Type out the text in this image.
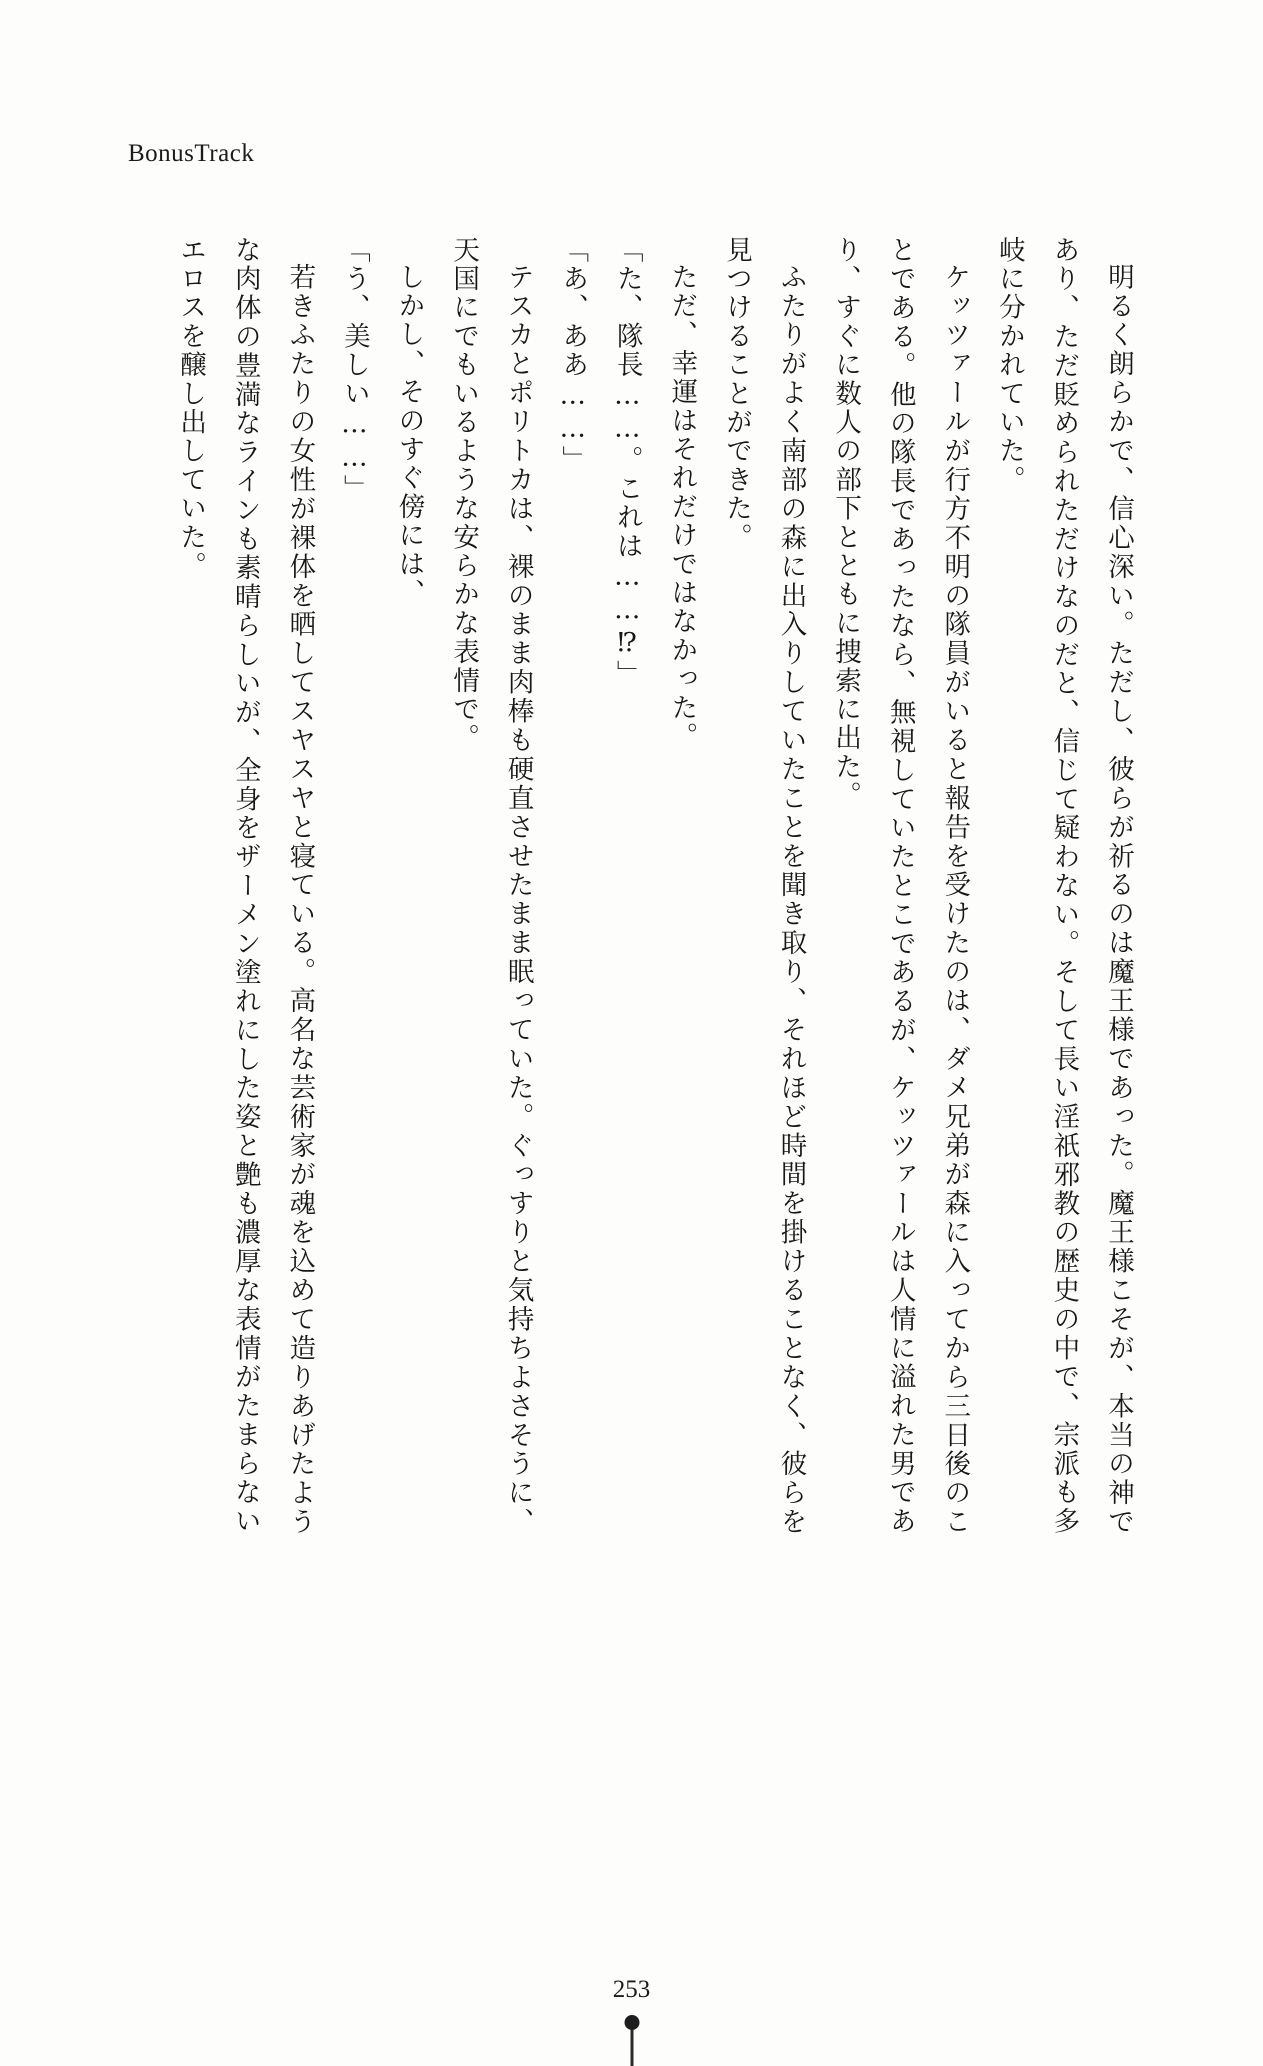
BonusTrack

明るく朗らかで、信心深い。ただし、彼らが祈るのは魔王様であった。魔王様こそが、本当の神であり、ただ貶められただけなのだと、信じて疑わない。そして長い淫祇邪教の歴史の中で、宗派も多岐に分かれていた。

ケッツァールが行方不明の隊員がいると報告を受けたのは、ダメ兄弟が森に入ってから三日後のことである。他の隊長であったなら、無視していたとこであるが、ケッツァールは人情に溢れた男であり、すぐに数人の部下とともに捜索に出た。

ふたりがよく南部の森に出入りしていたことを聞き取り、それほど時間を掛けることなく、彼らを見つけることができた。

ただ、幸運はそれだけではなかった。

「た、隊長……。これは……⁉」

「あ、ああ……」

テスカとポリトカは、裸のまま肉棒も硬直させたまま眠っていた。ぐっすりと気持ちよさそうに、天国にでもいるような安らかな表情で。

しかし、そのすぐ傍には、

「う、美しい……」

若きふたりの女性が裸体を晒してスヤスヤと寝ている。高名な芸術家が魂を込めて造りあげたような肉体の豊満なラインも素晴らしいが、全身をザーメン塗れにした姿と艶も濃厚な表情がたまらないエロスを醸し出していた。

253
